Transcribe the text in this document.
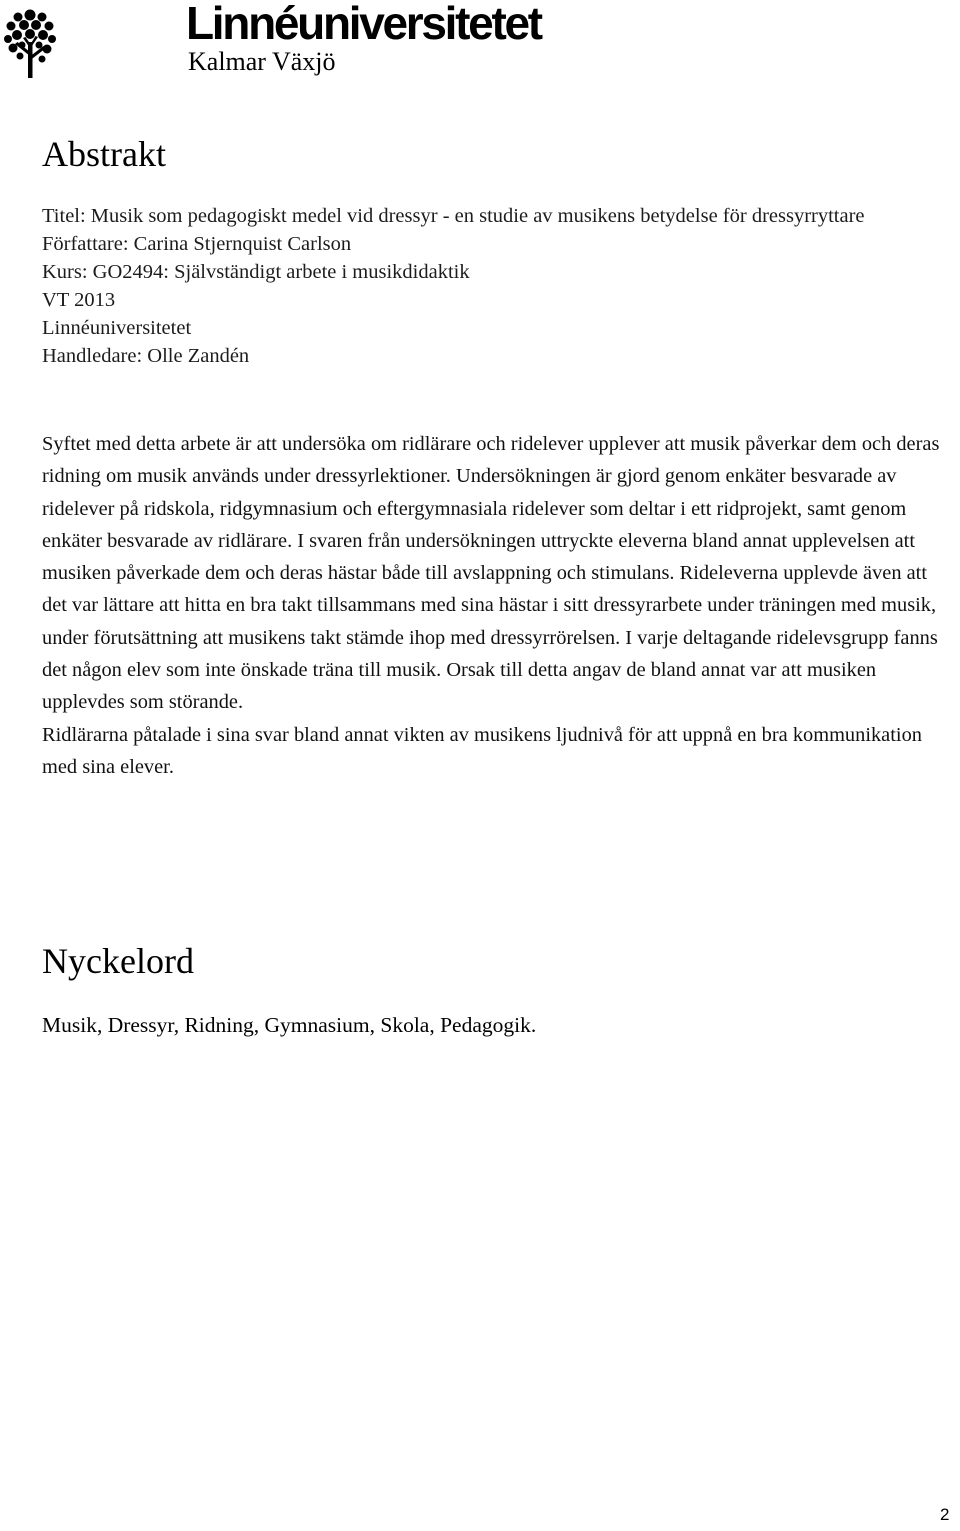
Linnéuniversitetet
Kalmar Växjö
Abstrakt
Titel: Musik som pedagogiskt medel vid dressyr - en studie av musikens betydelse för dressyrryttare
Författare: Carina Stjernquist Carlson
Kurs: GO2494: Självständigt arbete i musikdidaktik
VT 2013
Linnéuniversitetet
Handledare: Olle Zandén

Syftet med detta arbete är att undersöka om ridlärare och ridelever upplever att musik påverkar dem och deras ridning om musik används under dressyrlektioner. Undersökningen är gjord genom enkäter besvarade av ridelever på ridskola, ridgymnasium och eftergymnasiala ridelever som deltar i ett ridprojekt, samt genom enkäter besvarade av ridlärare. I svaren från undersökningen uttryckte eleverna bland annat upplevelsen att musiken påverkade dem och deras hästar både till avslappning och stimulans. Rideleverna upplevde även att det var lättare att hitta en bra takt tillsammans med sina hästar i sitt dressyrarbete under träningen med musik, under förutsättning att musikens takt stämde ihop med dressyrrörelsen. I varje deltagande ridelevsgrupp fanns det någon elev som inte önskade träna till musik. Orsak till detta angav de bland annat var att musiken upplevdes som störande.

Ridlärarna påtalade i sina svar bland annat vikten av musikens ljudnivå för att uppnå en bra kommunikation med sina elever.

Nyckelord

Musik, Dressyr, Ridning, Gymnasium, Skola, Pedagogik.

2
